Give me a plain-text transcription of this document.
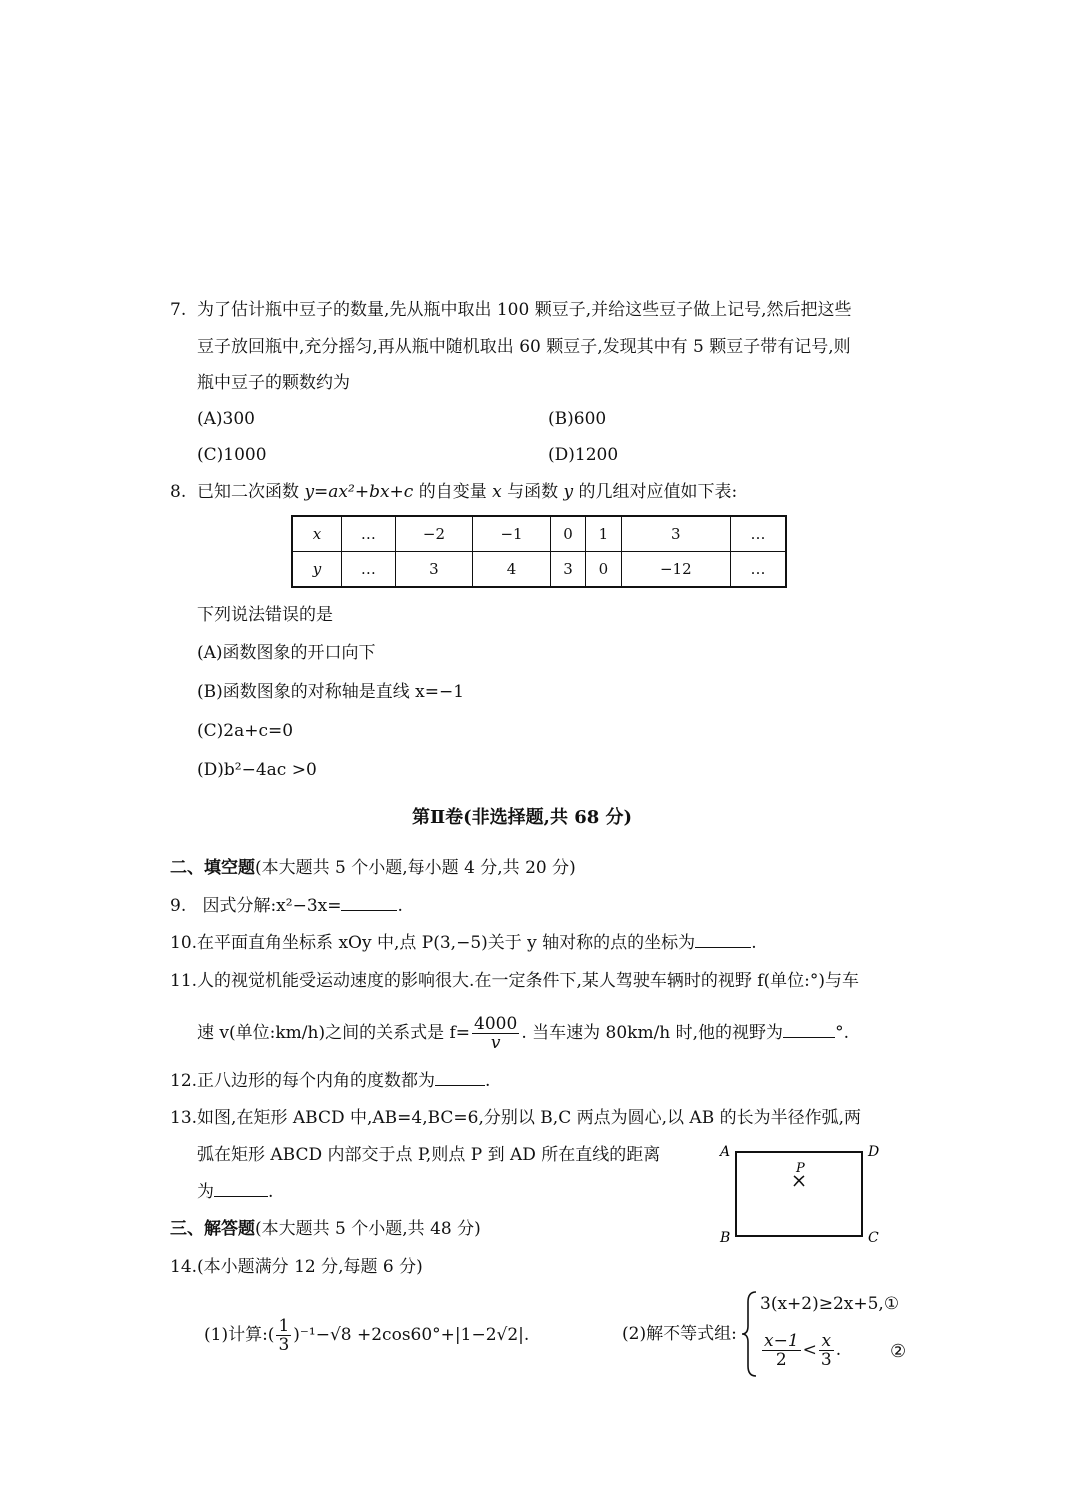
7. 为了估计瓶中豆子的数量,先从瓶中取出 100 颗豆子,并给这些豆子做上记号,然后把这些
豆子放回瓶中,充分摇匀,再从瓶中随机取出 60 颗豆子,发现其中有 5 颗豆子带有记号,则
瓶中豆子的颗数约为
(A)300	(B)600
(C)1000	(D)1200
8. 已知二次函数 y=ax²+bx+c 的自变量 x 与函数 y 的几组对应值如下表:
x	…	−2	−1	0	1	3	…
y	…	3	4	3	0	−12	…
下列说法错误的是
(A)函数图象的开口向下
(B)函数图象的对称轴是直线 x=−1
(C)2a+c=0
(D)b²−4ac >0
第Ⅱ卷(非选择题,共 68 分)
二、填空题(本大题共 5 个小题,每小题 4 分,共 20 分)
9. 因式分解:x²−3x=	.
10.在平面直角坐标系 xOy 中,点 P(3,−5)关于 y 轴对称的点的坐标为	.
11.人的视觉机能受运动速度的影响很大.在一定条件下,某人驾驶车辆时的视野 f(单位:°)与车
速 v(单位:km/h)之间的关系式是 $f= \frac{4000}{v}$ . 当车速为 80km/h 时,他的视野为	°.
12.正八边形的每个内角的度数都为	.
13.如图,在矩形 ABCD 中,AB=4,BC=6,分别以 B,C 两点为圆心,以 AB 的长为半径作弧,两
弧在矩形 ABCD 内部交于点 P,则点 P 到 AD 所在直线的距离
为	.
A	D
B	C
P
三、解答题(本大题共 5 个小题,共 48 分)
14.(本小题满分 12 分,每题 6 分)
(1)计算:( $\frac{1}{3} )^{-1}-√8 +2\cos 60^\circ+|1-2√2|$.	(2)解不等式组:
3(x+2)≥2x+5,①
$\frac{x-1}{2} < \frac{x}{3}$ .	②
